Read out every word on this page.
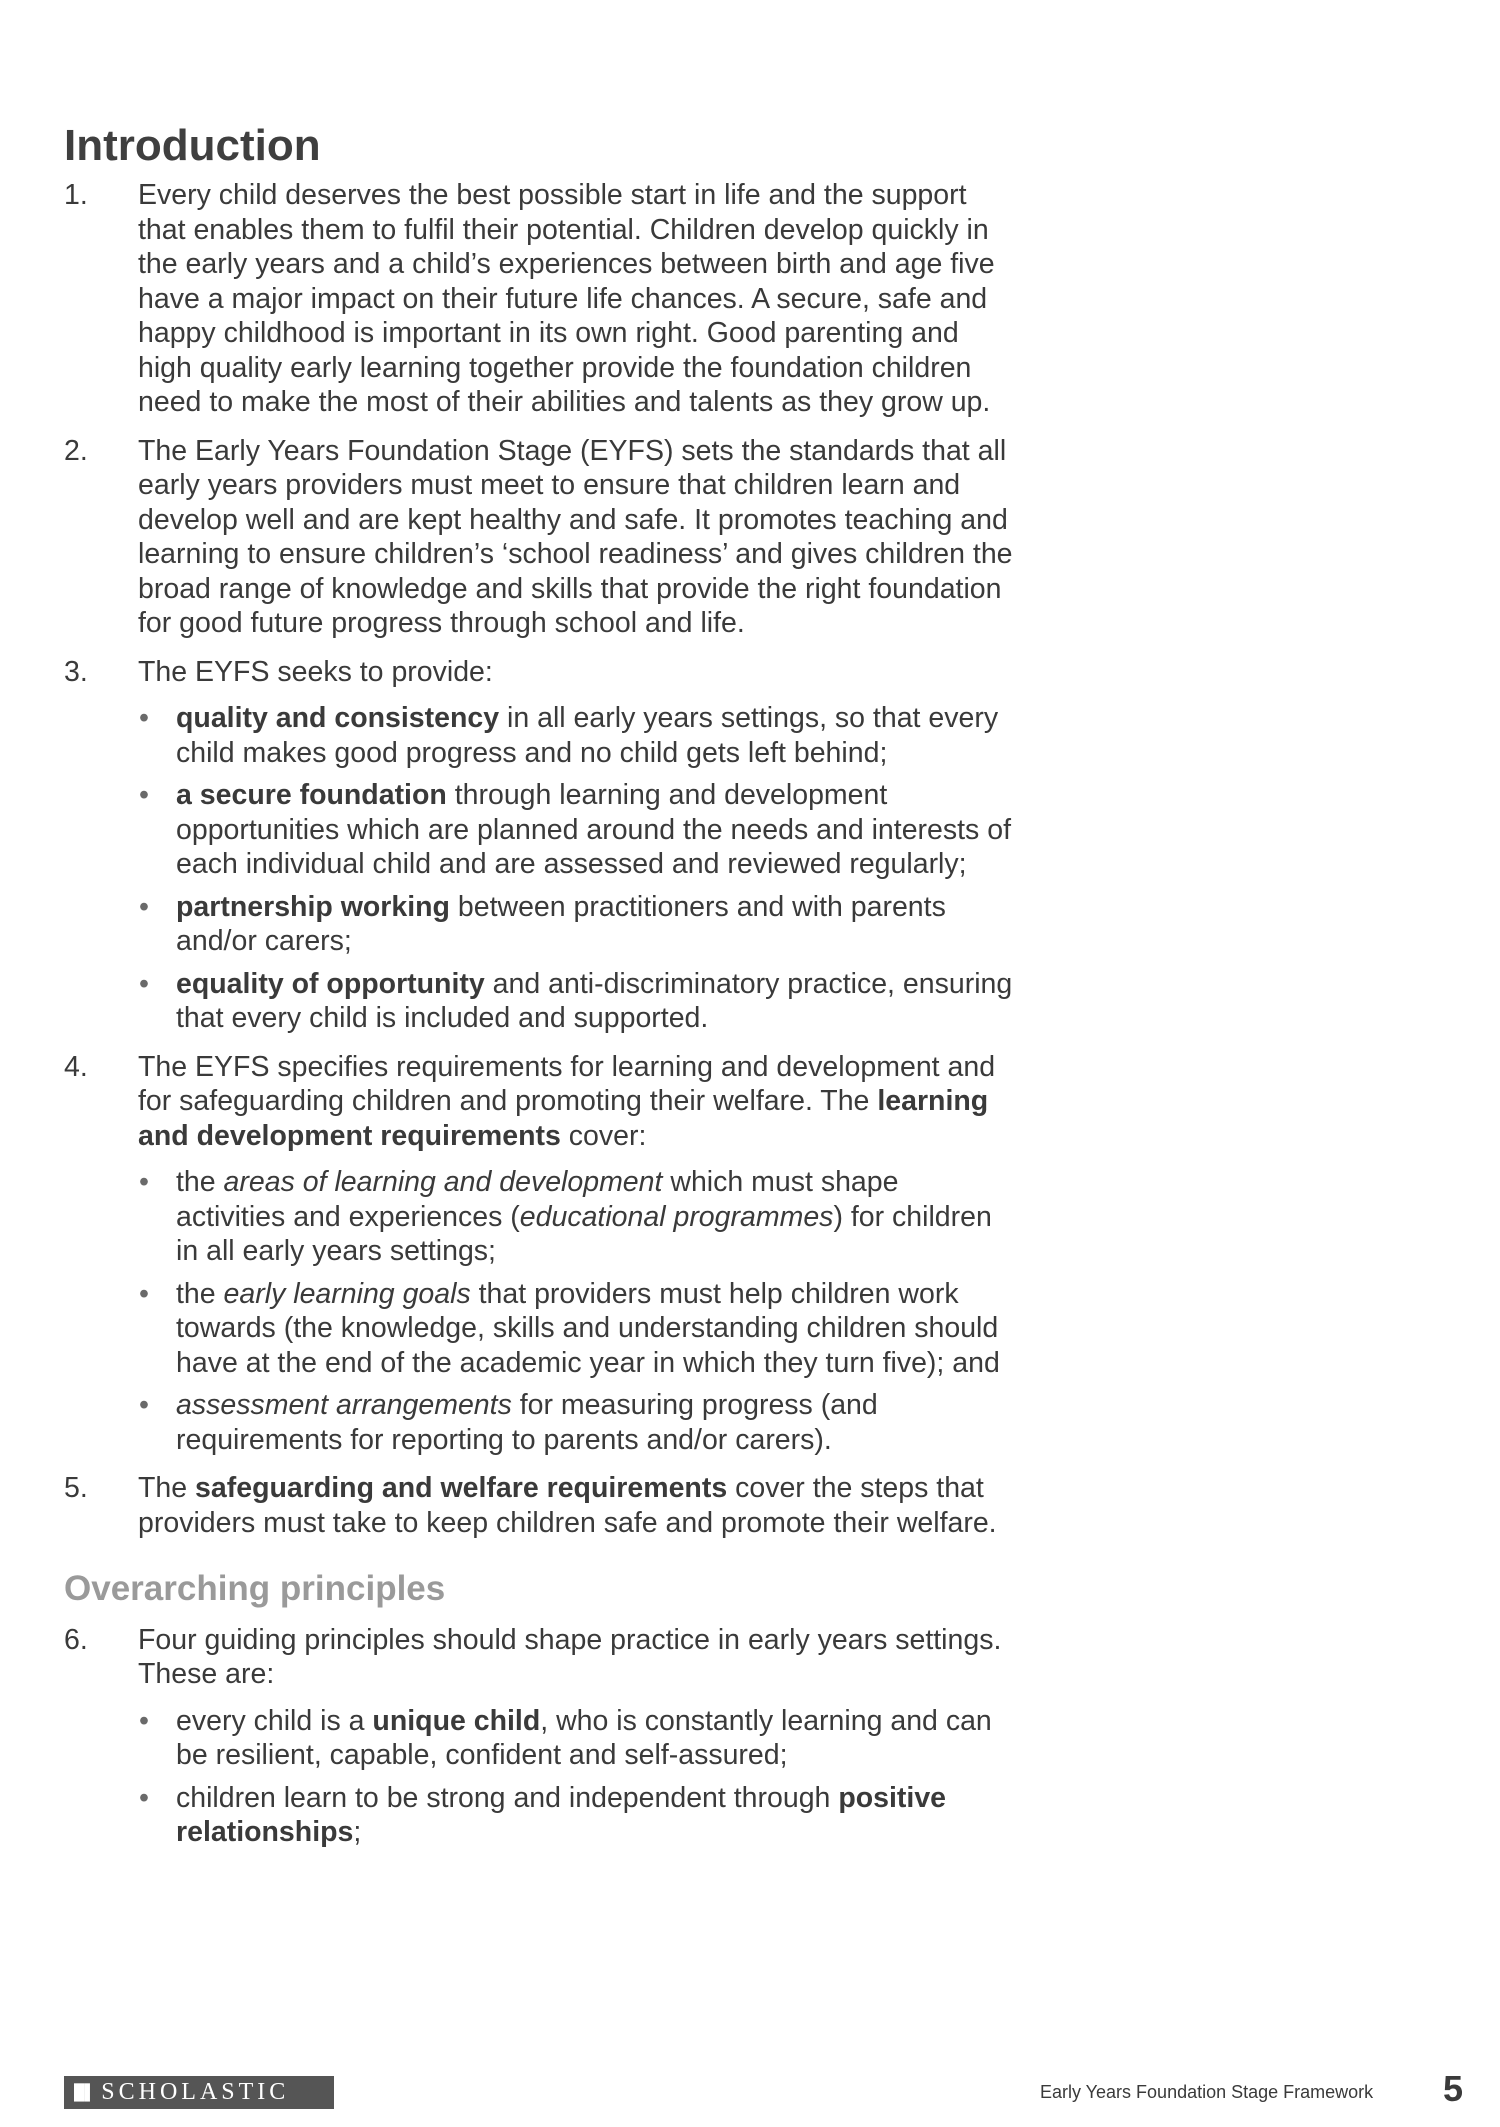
Introduction
1. Every child deserves the best possible start in life and the support that enables them to fulfil their potential. Children develop quickly in the early years and a child’s experiences between birth and age five have a major impact on their future life chances. A secure, safe and happy childhood is important in its own right. Good parenting and high quality early learning together provide the foundation children need to make the most of their abilities and talents as they grow up.
2. The Early Years Foundation Stage (EYFS) sets the standards that all early years providers must meet to ensure that children learn and develop well and are kept healthy and safe. It promotes teaching and learning to ensure children’s ‘school readiness’ and gives children the broad range of knowledge and skills that provide the right foundation for good future progress through school and life.
3. The EYFS seeks to provide:
• quality and consistency in all early years settings, so that every child makes good progress and no child gets left behind;
• a secure foundation through learning and development opportunities which are planned around the needs and interests of each individual child and are assessed and reviewed regularly;
• partnership working between practitioners and with parents and/or carers;
• equality of opportunity and anti-discriminatory practice, ensuring that every child is included and supported.
4. The EYFS specifies requirements for learning and development and for safeguarding children and promoting their welfare. The learning and development requirements cover:
• the areas of learning and development which must shape activities and experiences (educational programmes) for children in all early years settings;
• the early learning goals that providers must help children work towards (the knowledge, skills and understanding children should have at the end of the academic year in which they turn five); and
• assessment arrangements for measuring progress (and requirements for reporting to parents and/or carers).
5. The safeguarding and welfare requirements cover the steps that providers must take to keep children safe and promote their welfare.
Overarching principles
6. Four guiding principles should shape practice in early years settings. These are:
• every child is a unique child, who is constantly learning and can be resilient, capable, confident and self-assured;
• children learn to be strong and independent through positive relationships;
█▌ SCHOLASTIC	Early Years Foundation Stage Framework 5
